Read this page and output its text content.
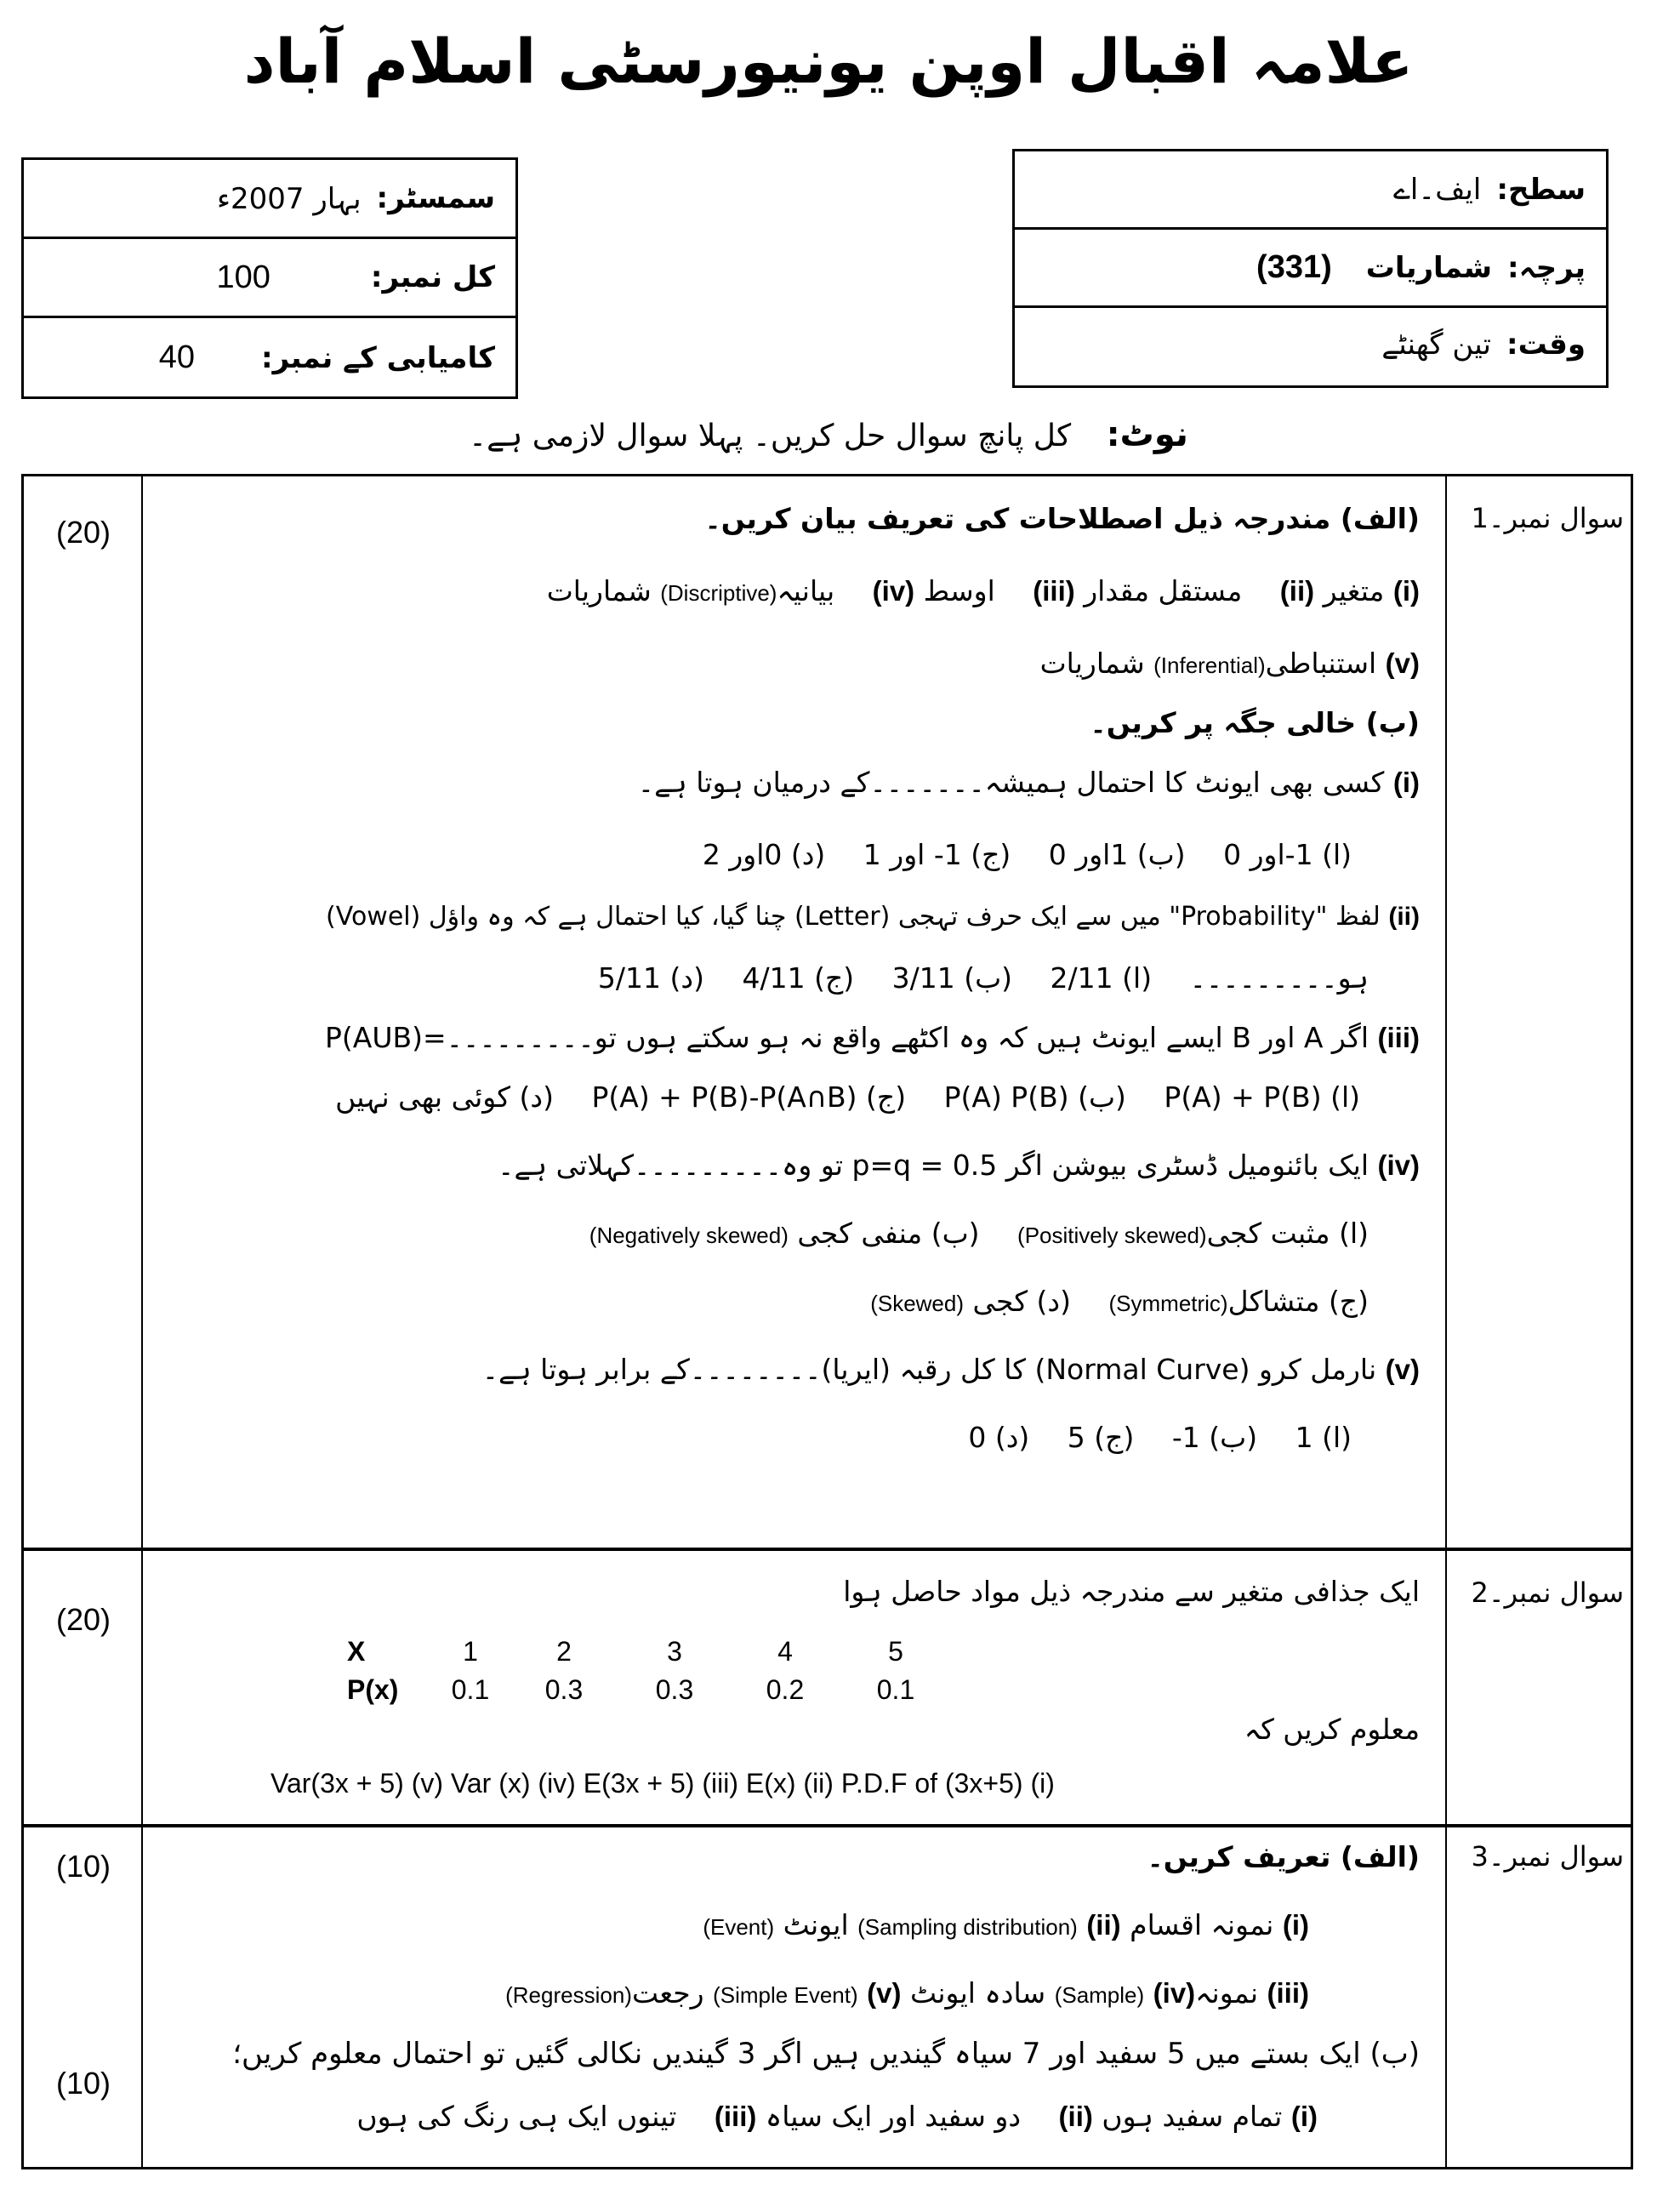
علامہ اقبال اوپن یونیورسٹی اسلام آباد
سمسٹر:
بہار 2007ء
کل نمبر:
100
کامیابی کے نمبر:
40
سطح:
ایف۔اے
پرچہ:
شماریات
(331)
وقت:
تین گھنٹے
نوٹ: کل پانچ سوال حل کریں۔ پہلا سوال لازمی ہے۔
(20)	سوال نمبر۔1
(الف) مندرجہ ذیل اصطلاحات کی تعریف بیان کریں۔
(i) متغیر (ii) مستقل مقدار (iii) اوسط (iv) بیانیہ(Discriptive) شماریات
(v) استنباطی(Inferential) شماریات
(ب) خالی جگہ پر کریں۔
(i) کسی بھی ایونٹ کا احتمال ہمیشہ۔۔۔۔۔۔۔کے درمیان ہوتا ہے۔
(ا) 1-اور 0 (ب) 1اور 0 (ج) 1- اور 1 (د) 0اور 2
(ii) لفظ "Probability" میں سے ایک حرف تہجی (Letter) چنا گیا، کیا احتمال ہے کہ وہ واؤل (Vowel)
ہو۔۔۔۔۔۔۔۔۔ (ا) 2/11 (ب) 3/11 (ج) 4/11 (د) 5/11
(iii) اگر A اور B ایسے ایونٹ ہیں کہ وہ اکٹھے واقع نہ ہو سکتے ہوں تو۔۔۔۔۔۔۔۔۔=P(AUB)
(ا) P(A) + P(B) (ب) P(A) P(B) (ج) P(A) + P(B)-P(A∩B) (د) کوئی بھی نہیں
(iv) ایک بائنومیل ڈسٹری بیوشن اگر p=q = 0.5 تو وہ۔۔۔۔۔۔۔۔۔کہلاتی ہے۔
(ا) مثبت کجی(Positively skewed) (ب) منفی کجی (Negatively skewed)
(ج) متشاکل(Symmetric) (د) کجی (Skewed)
(v) نارمل کرو (Normal Curve) کا کل رقبہ (ایریا)۔۔۔۔۔۔۔۔کے برابر ہوتا ہے۔
(ا) 1 (ب) 1- (ج) 5 (د) 0
(20)
سوال نمبر۔2
ایک جذافی متغیر سے مندرجہ ذیل مواد حاصل ہوا
X	1	2	3	4	5
P(x) 0.1 0.3	0.3	0.2	0.1
معلوم کریں کہ
Var(3x + 5) (v) Var (x) (iv) E(3x + 5) (iii) E(x) (ii) P.D.F of (3x+5) (i)
(10)
(10)
سوال نمبر۔3
(الف) تعریف کریں۔
(i) نمونہ اقسام (Sampling distribution) (ii) ایونٹ (Event)
(iii) نمونہ(Sample) (iv) سادہ ایونٹ (Simple Event) (v) رجعت(Regression)
(ب) ایک بستے میں 5 سفید اور 7 سیاہ گیندیں ہیں اگر 3 گیندیں نکالی گئیں تو احتمال معلوم کریں؛
(i) تمام سفید ہوں (ii) دو سفید اور ایک سیاہ (iii) تینوں ایک ہی رنگ کی ہوں
